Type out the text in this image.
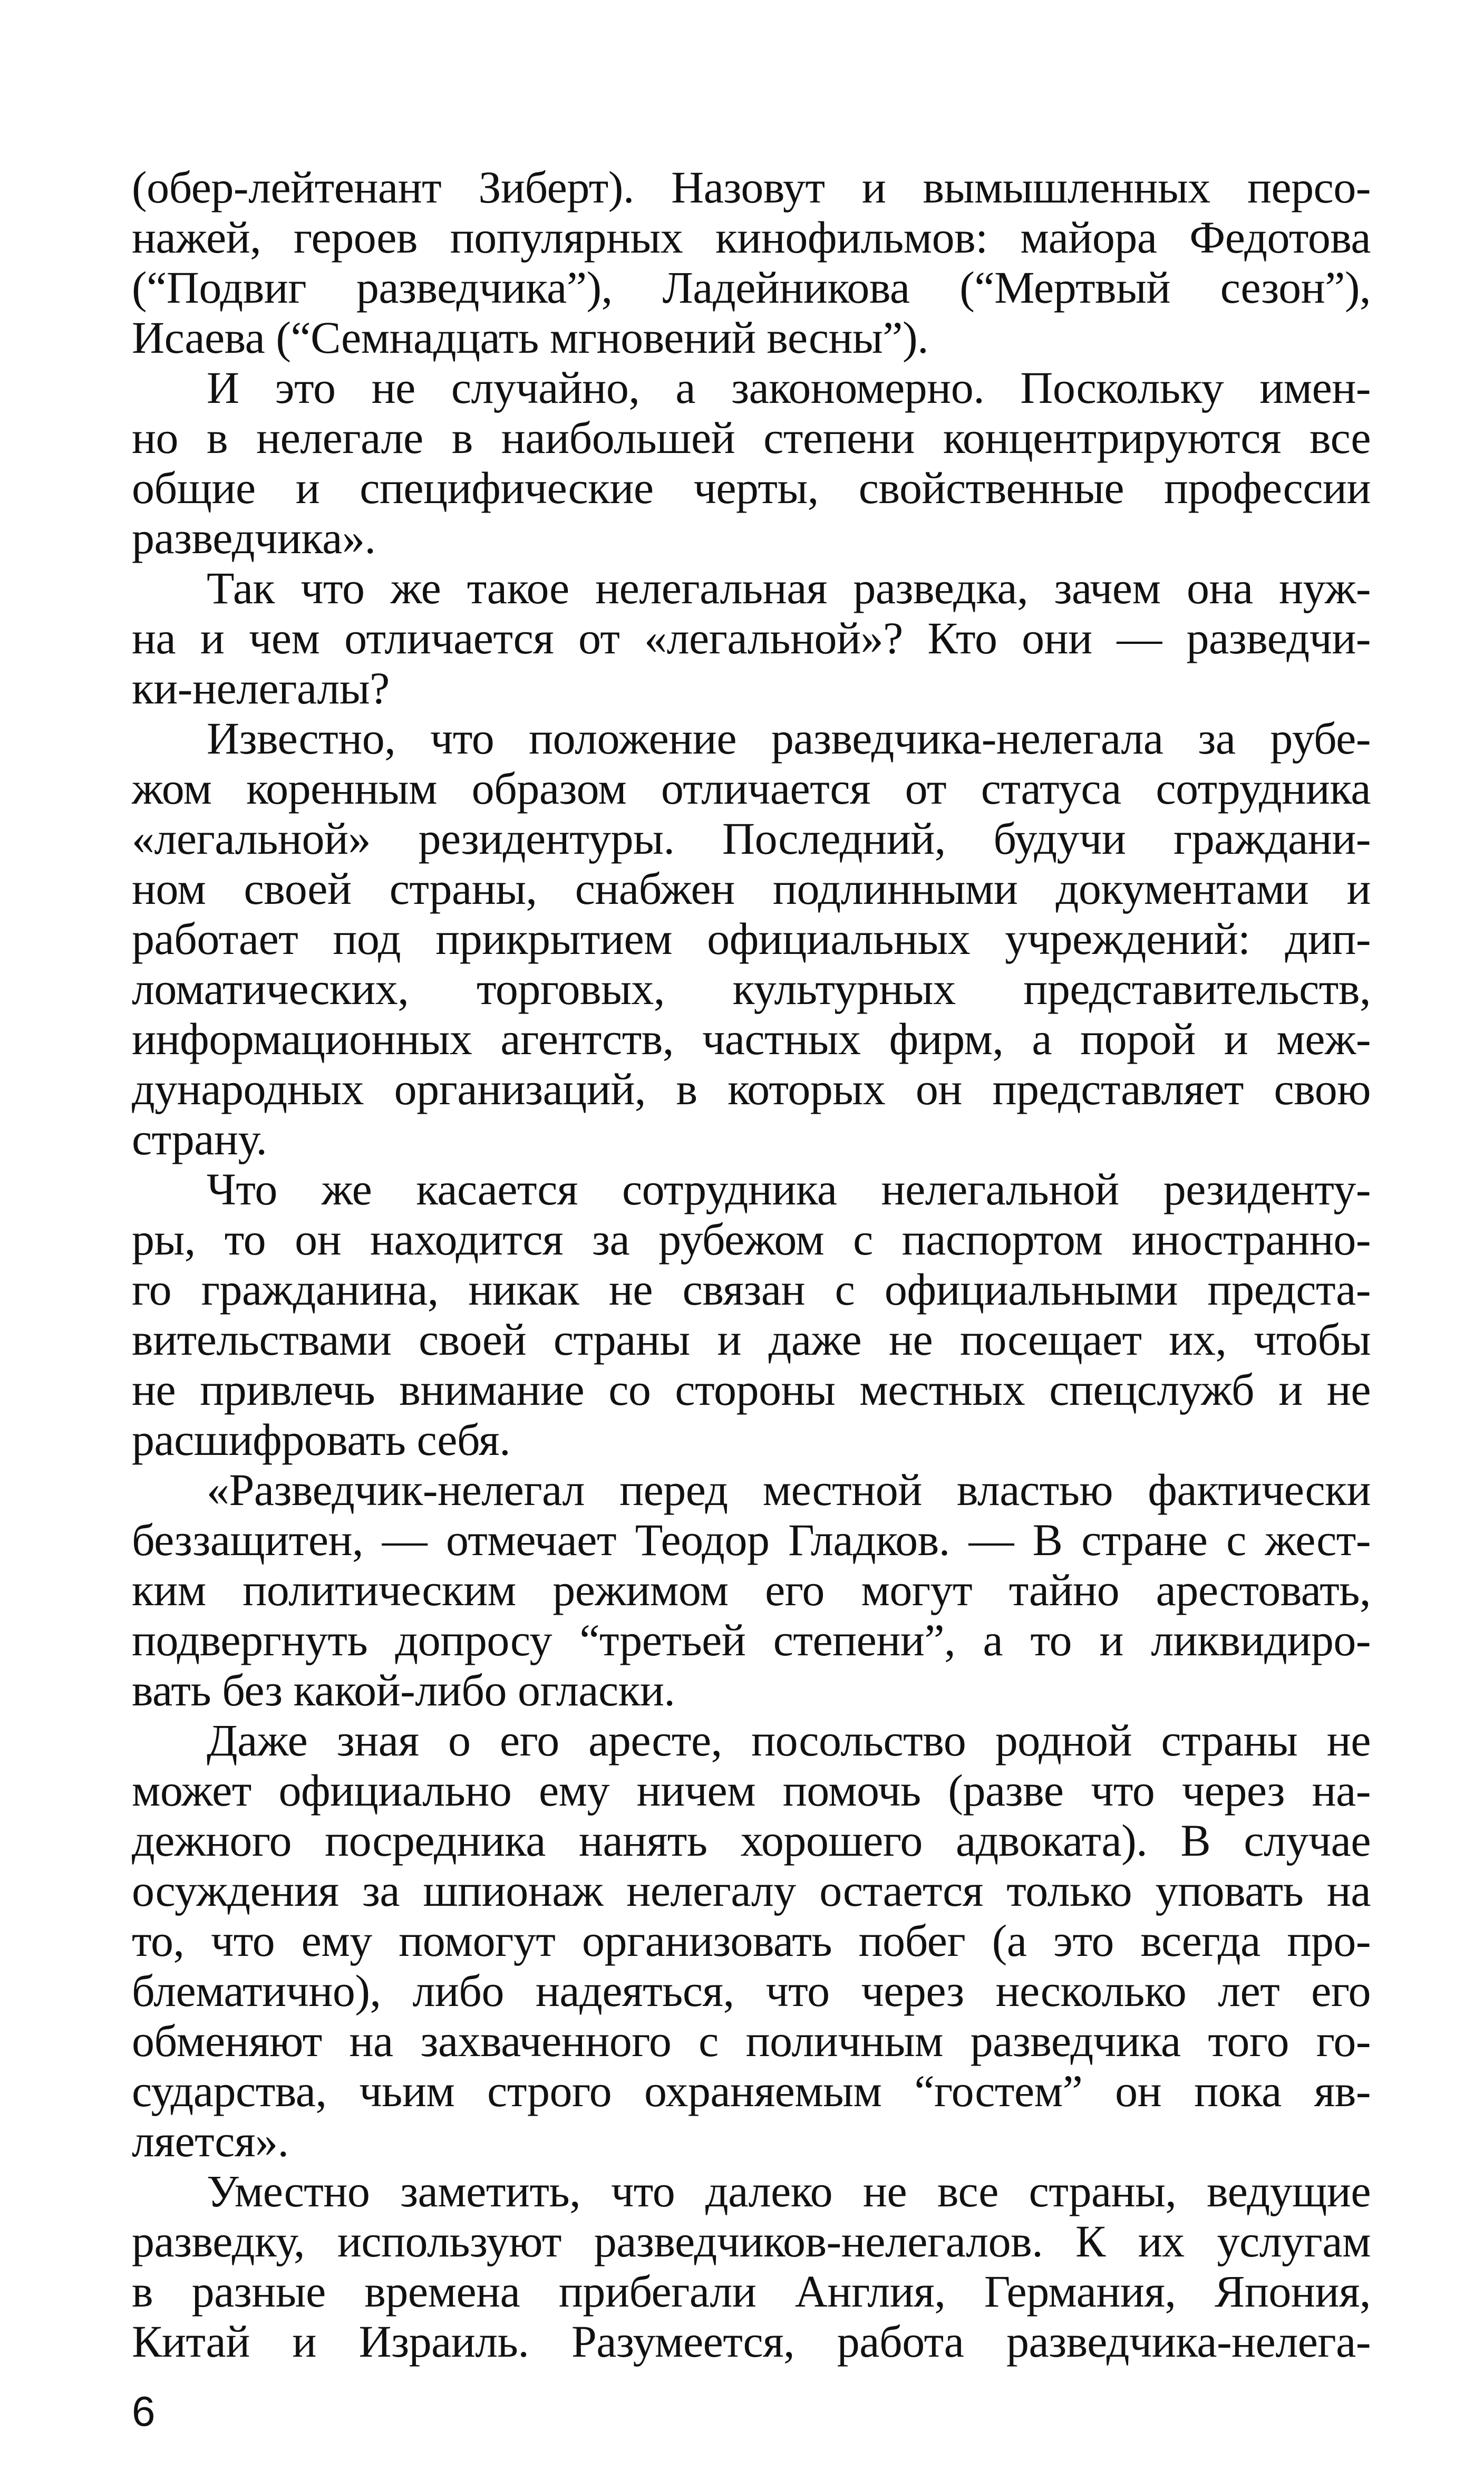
(обер-лейтенант Зиберт). Назовут и вымышленных персо-
нажей, героев популярных кинофильмов: майора Федотова
(“Подвиг разведчика”), Ладейникова (“Мертвый сезон”),
Исаева (“Семнадцать мгновений весны”).
И это не случайно, а закономерно. Поскольку имен-
но в нелегале в наибольшей степени концентрируются все
общие и специфические черты, свойственные профессии
разведчика».
Так что же такое нелегальная разведка, зачем она нуж-
на и чем отличается от «легальной»? Кто они — разведчи-
ки-нелегалы?
Известно, что положение разведчика-нелегала за рубе-
жом коренным образом отличается от статуса сотрудника
«легальной» резидентуры. Последний, будучи граждани-
ном своей страны, снабжен подлинными документами и
работает под прикрытием официальных учреждений: дип-
ломатических, торговых, культурных представительств,
информационных агентств, частных фирм, а порой и меж-
дународных организаций, в которых он представляет свою
страну.
Что же касается сотрудника нелегальной резиденту-
ры, то он находится за рубежом с паспортом иностранно-
го гражданина, никак не связан с официальными предста-
вительствами своей страны и даже не посещает их, чтобы
не привлечь внимание со стороны местных спецслужб и не
расшифровать себя.
«Разведчик-нелегал перед местной властью фактически
беззащитен, — отмечает Теодор Гладков. — В стране с жест-
ким политическим режимом его могут тайно арестовать,
подвергнуть допросу “третьей степени”, а то и ликвидиро-
вать без какой-либо огласки.
Даже зная о его аресте, посольство родной страны не
может официально ему ничем помочь (разве что через на-
дежного посредника нанять хорошего адвоката). В случае
осуждения за шпионаж нелегалу остается только уповать на
то, что ему помогут организовать побег (а это всегда про-
блематично), либо надеяться, что через несколько лет его
обменяют на захваченного с поличным разведчика того го-
сударства, чьим строго охраняемым “гостем” он пока яв-
ляется».
Уместно заметить, что далеко не все страны, ведущие
разведку, используют разведчиков-нелегалов. К их услугам
в разные времена прибегали Англия, Германия, Япония,
Китай и Израиль. Разумеется, работа разведчика-нелега-
6
